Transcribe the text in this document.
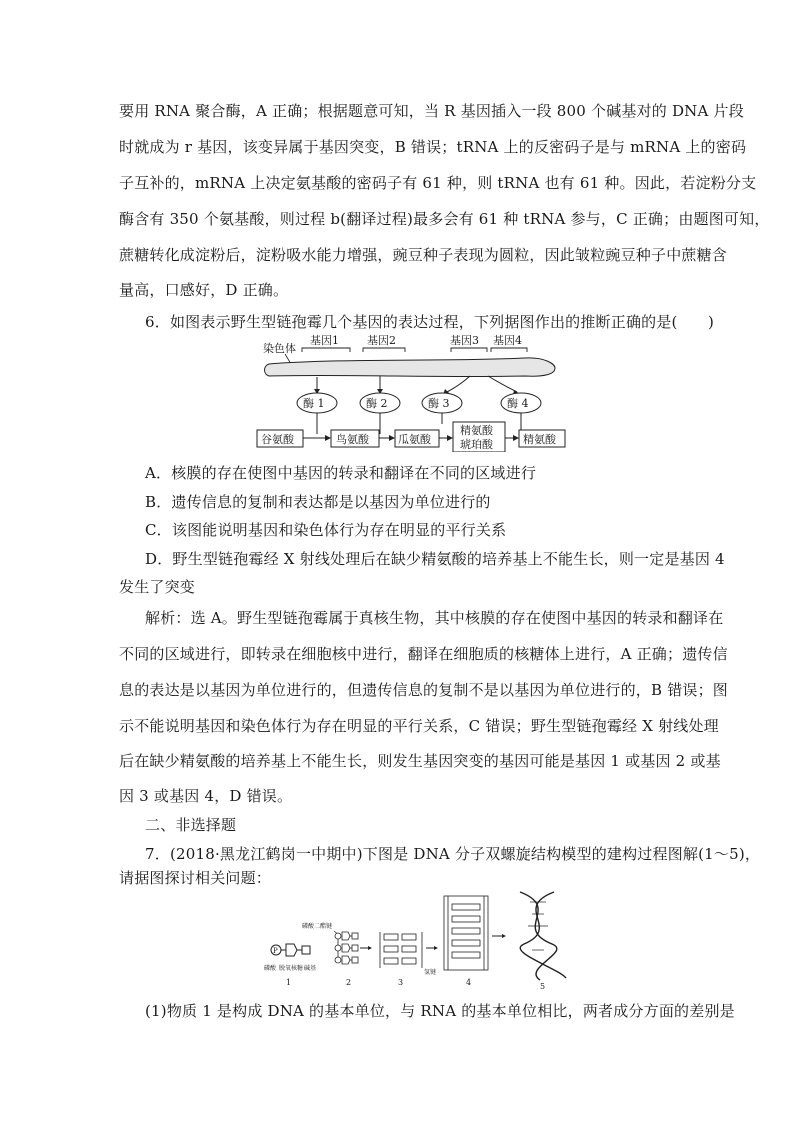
要用 RNA 聚合酶，A 正确；根据题意可知，当 R 基因插入一段 800 个碱基对的 DNA 片段
时就成为 r 基因，该变异属于基因突变，B 错误；tRNA 上的反密码子是与 mRNA 上的密码
子互补的，mRNA 上决定氨基酸的密码子有 61 种，则 tRNA 也有 61 种。因此，若淀粉分支
酶含有 350 个氨基酸，则过程 b(翻译过程)最多会有 61 种 tRNA 参与，C 正确；由题图可知，
蔗糖转化成淀粉后，淀粉吸水能力增强，豌豆种子表现为圆粒，因此皱粒豌豆种子中蔗糖含
量高，口感好，D 正确。
6．如图表示野生型链孢霉几个基因的表达过程，下列据图作出的推断正确的是(　　)
染色体
基因1	基因2	基因3 基因4
酶 1	酶 2	酶 3	酶 4
谷氨酸	鸟氨酸	瓜氨酸
精氨酸
琥珀酸	精氨酸
A．核膜的存在使图中基因的转录和翻译在不同的区域进行
B．遗传信息的复制和表达都是以基因为单位进行的
C．该图能说明基因和染色体行为存在明显的平行关系
D．野生型链孢霉经 X 射线处理后在缺少精氨酸的培养基上不能生长，则一定是基因 4
发生了突变
解析：选 A。野生型链孢霉属于真核生物，其中核膜的存在使图中基因的转录和翻译在
不同的区域进行，即转录在细胞核中进行，翻译在细胞质的核糖体上进行，A 正确；遗传信
息的表达是以基因为单位进行的，但遗传信息的复制不是以基因为单位进行的，B 错误；图
示不能说明基因和染色体行为存在明显的平行关系，C 错误；野生型链孢霉经 X 射线处理
后在缺少精氨酸的培养基上不能生长，则发生基因突变的基因可能是基因 1 或基因 2 或基
因 3 或基因 4，D 错误。
二、非选择题
7．(2018·黑龙江鹤岗一中期中)下图是 DNA 分子双螺旋结构模型的建构过程图解(1～5)，
请据图探讨相关问题：
P
磷酸 脱氧核糖 碱基
1
磷酸二酯键
2	3
氢键
4	5
(1)物质 1 是构成 DNA 的基本单位，与 RNA 的基本单位相比，两者成分方面的差别是
